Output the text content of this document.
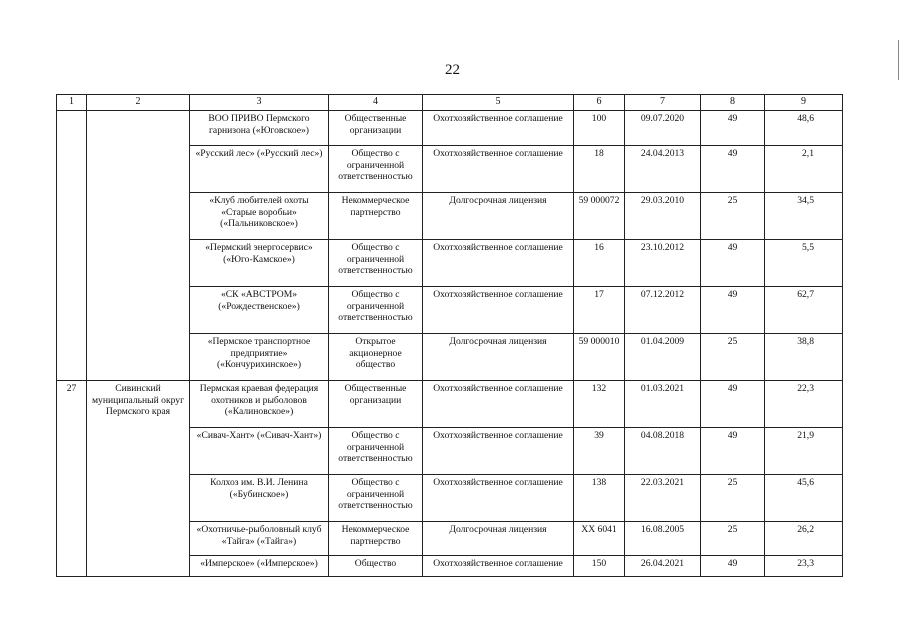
22
1	2	3	4	5	6	7	8	9
		ВОО ПРИВО Пермского гарнизона («Юговское»)	Общественные организации	Охотхозяйственное соглашение	100	09.07.2020	49	48,6
		«Русский лес» («Русский лес»)	Общество с ограниченной ответственностью	Охотхозяйственное соглашение	18	24.04.2013	49	2,1
		«Клуб любителей охоты «Старые воробьи» («Пальниковское»)	Некоммерческое партнерство	Долгосрочная лицензия	59 000072	29.03.2010	25	34,5
		«Пермский энергосервис» («Юго-Камское»)	Общество с ограниченной ответственностью	Охотхозяйственное соглашение	16	23.10.2012	49	5,5
		«СК «АВСТРОМ» («Рождественское»)	Общество с ограниченной ответственностью	Охотхозяйственное соглашение	17	07.12.2012	49	62,7
		«Пермское транспортное предприятие» («Кончурихинское»)	Открытое акционерное общество	Долгосрочная лицензия	59 000010	01.04.2009	25	38,8
27	Сивинский муниципальный округ Пермского края	Пермская краевая федерация охотников и рыболовов («Калиновское»)	Общественные организации	Охотхозяйственное соглашение	132	01.03.2021	49	22,3
		«Сивач-Хант» («Сивач-Хант»)	Общество с ограниченной ответственностью	Охотхозяйственное соглашение	39	04.08.2018	49	21,9
		Колхоз им. В.И. Ленина («Бубинское»)	Общество с ограниченной ответственностью	Охотхозяйственное соглашение	138	22.03.2021	25	45,6
		«Охотничье-рыболовный клуб «Тайга» («Тайга»)	Некоммерческое партнерство	Долгосрочная лицензия	XX 6041	16.08.2005	25	26,2
		«Имперское» («Имперское»)	Общество	Охотхозяйственное соглашение	150	26.04.2021	49	23,3
